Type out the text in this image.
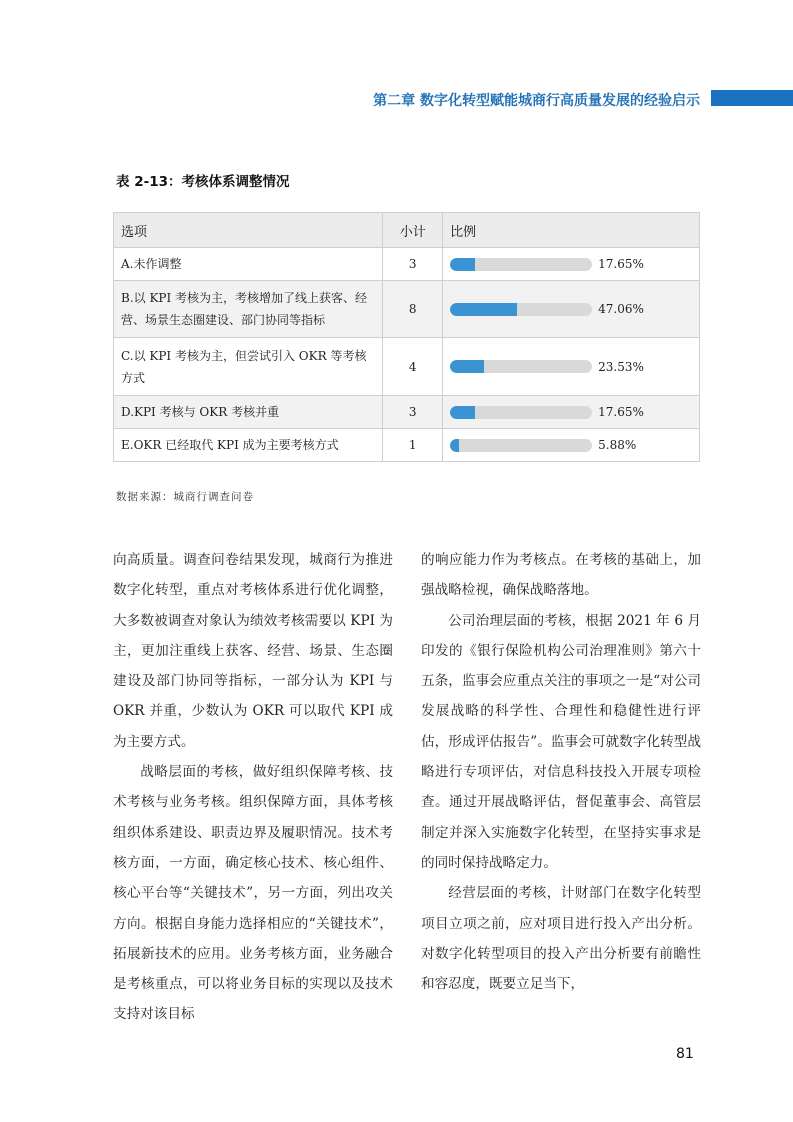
第二章 数字化转型赋能城商行高质量发展的经验启示
表 2-13：考核体系调整情况
选项	小计	比例
A.未作调整	3	17.65%

B.以 KPI 考核为主，考核增加了线上获客、经营、场景生态圈建设、部门协同等指标	8	47.06%

C.以 KPI 考核为主，但尝试引入 OKR 等考核方式	4	23.53%

D.KPI 考核与 OKR 考核并重	3	17.65%

E.OKR 已经取代 KPI 成为主要考核方式	1	5.88%
数据来源：城商行调查问卷

向高质量。调查问卷结果发现，城商行为推进数字化转型，重点对考核体系进行优化调整，大多数被调查对象认为绩效考核需要以 KPI 为主，更加注重线上获客、经营、场景、生态圈建设及部门协同等指标，一部分认为 KPI 与 OKR 并重，少数认为 OKR 可以取代 KPI 成为主要方式。

战略层面的考核，做好组织保障考核、技术考核与业务考核。组织保障方面，具体考核组织体系建设、职责边界及履职情况。技术考核方面，一方面，确定核心技术、核心组件、核心平台等“关键技术”，另一方面，列出攻关方向。根据自身能力选择相应的“关键技术”，拓展新技术的应用。业务考核方面，业务融合是考核重点，可以将业务目标的实现以及技术支持对该目标

的响应能力作为考核点。在考核的基础上，加强战略检视，确保战略落地。

公司治理层面的考核，根据 2021 年 6 月印发的《银行保险机构公司治理准则》第六十五条，监事会应重点关注的事项之一是“对公司发展战略的科学性、合理性和稳健性进行评估，形成评估报告”。监事会可就数字化转型战略进行专项评估，对信息科技投入开展专项检查。通过开展战略评估，督促董事会、高管层制定并深入实施数字化转型，在坚持实事求是的同时保持战略定力。

经营层面的考核，计财部门在数字化转型项目立项之前，应对项目进行投入产出分析。对数字化转型项目的投入产出分析要有前瞻性和容忍度，既要立足当下，

81
